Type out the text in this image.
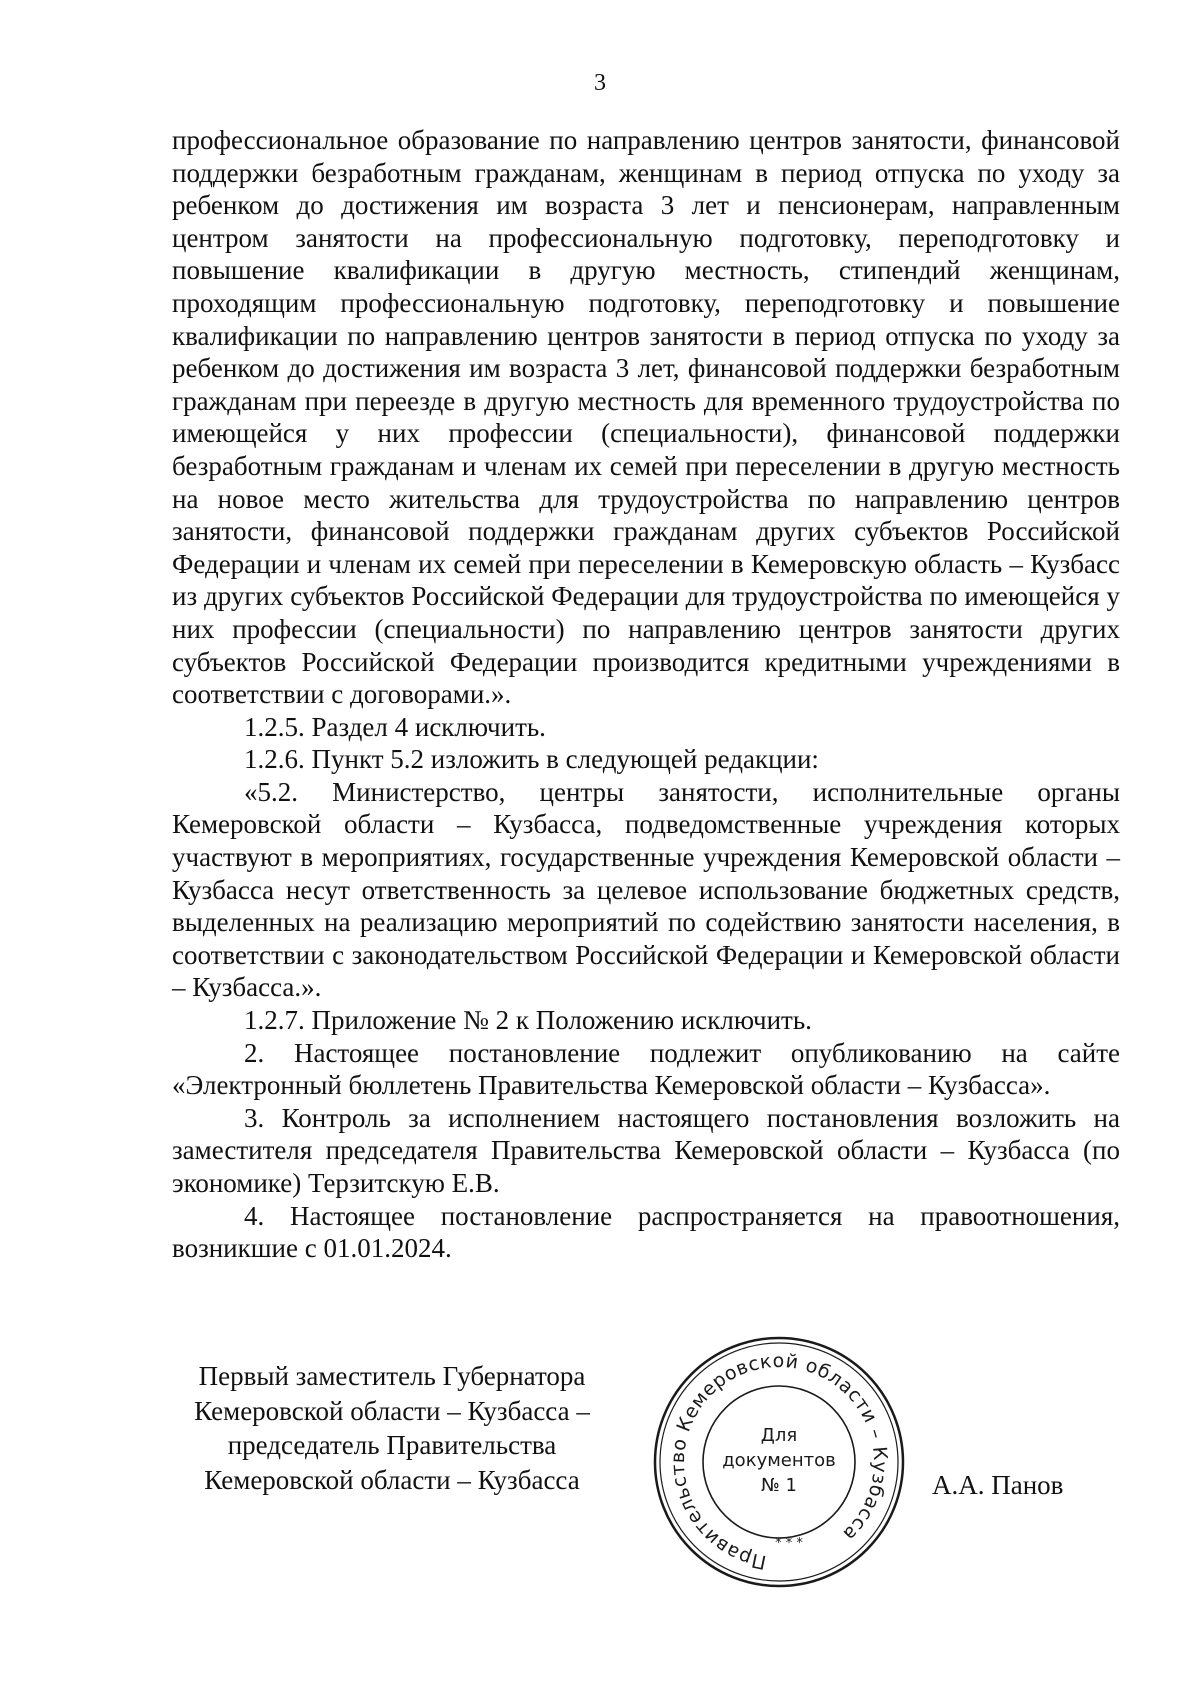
3

профессиональное образование по направлению центров занятости, финансовой поддержки безработным гражданам, женщинам в период отпуска по уходу за ребенком до достижения им возраста 3 лет и пенсионерам, направленным центром занятости на профессиональную подготовку, переподготовку и повышение квалификации в другую местность, стипендий женщинам, проходящим профессиональную подготовку, переподготовку и повышение квалификации по направлению центров занятости в период отпуска по уходу за ребенком до достижения им возраста 3 лет, финансовой поддержки безработным гражданам при переезде в другую местность для временного трудоустройства по имеющейся у них профессии (специальности), финансовой поддержки безработным гражданам и членам их семей при переселении в другую местность на новое место жительства для трудоустройства по направлению центров занятости, финансовой поддержки гражданам других субъектов Российской Федерации и членам их семей при переселении в Кемеровскую область – Кузбасс из других субъектов Российской Федерации для трудоустройства по имеющейся у них профессии (специальности) по направлению центров занятости других субъектов Российской Федерации производится кредитными учреждениями в соответствии с договорами.».

1.2.5. Раздел 4 исключить.

1.2.6. Пункт 5.2 изложить в следующей редакции:

«5.2. Министерство, центры занятости, исполнительные органы Кемеровской области – Кузбасса, подведомственные учреждения которых участвуют в мероприятиях, государственные учреждения Кемеровской области – Кузбасса несут ответственность за целевое использование бюджетных средств, выделенных на реализацию мероприятий по содействию занятости населения, в соответствии с законодательством Российской Федерации и Кемеровской области – Кузбасса.».

1.2.7. Приложение № 2 к Положению исключить.

2. Настоящее постановление подлежит опубликованию на сайте «Электронный бюллетень Правительства Кемеровской области – Кузбасса».

3. Контроль за исполнением настоящего постановления возложить на заместителя председателя Правительства Кемеровской области – Кузбасса (по экономике) Терзитскую Е.В.

4. Настоящее постановление распространяется на правоотношения, возникшие с 01.01.2024.

Первый заместитель Губернатора
Кемеровской области – Кузбасса –
председатель Правительства
Кемеровской области – Кузбасса
Правительство Кемеровской области – Кузбасса
* * *
Для
документов
№ 1	А.А. Панов
